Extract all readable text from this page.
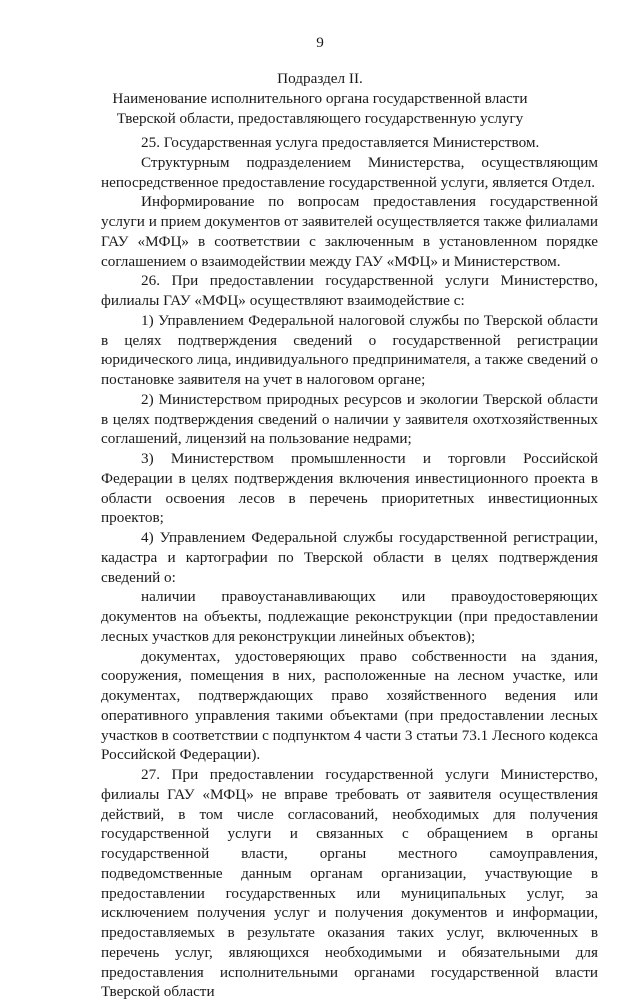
9
Подраздел II.
Наименование исполнительного органа государственной власти
Тверской области, предоставляющего государственную услугу

25. Государственная услуга предоставляется Министерством.

Структурным подразделением Министерства, осуществляющим непосредственное предоставление государственной услуги, является Отдел.

Информирование по вопросам предоставления государственной услуги и прием документов от заявителей осуществляется также филиалами ГАУ «МФЦ» в соответствии с заключенным в установленном порядке соглашением о взаимодействии между ГАУ «МФЦ» и Министерством.

26. При предоставлении государственной услуги Министерство, филиалы ГАУ «МФЦ» осуществляют взаимодействие с:

1) Управлением Федеральной налоговой службы по Тверской области в целях подтверждения сведений о государственной регистрации юридического лица, индивидуального предпринимателя, а также сведений о постановке заявителя на учет в налоговом органе;

2) Министерством природных ресурсов и экологии Тверской области в целях подтверждения сведений о наличии у заявителя охотхозяйственных соглашений, лицензий на пользование недрами;

3) Министерством промышленности и торговли Российской Федерации в целях подтверждения включения инвестиционного проекта в области освоения лесов в перечень приоритетных инвестиционных проектов;

4) Управлением Федеральной службы государственной регистрации, кадастра и картографии по Тверской области в целях подтверждения сведений о:

наличии правоустанавливающих или правоудостоверяющих документов на объекты, подлежащие реконструкции (при предоставлении лесных участков для реконструкции линейных объектов);

документах, удостоверяющих право собственности на здания, сооружения, помещения в них, расположенные на лесном участке, или документах, подтверждающих право хозяйственного ведения или оперативного управления такими объектами (при предоставлении лесных участков в соответствии с подпунктом 4 части 3 статьи 73.1 Лесного кодекса Российской Федерации).

27. При предоставлении государственной услуги Министерство, филиалы ГАУ «МФЦ» не вправе требовать от заявителя осуществления действий, в том числе согласований, необходимых для получения государственной услуги и связанных с обращением в органы государственной власти, органы местного самоуправления, подведомственные данным органам организации, участвующие в предоставлении государственных или муниципальных услуг, за исключением получения услуг и получения документов и информации, предоставляемых в результате оказания таких услуг, включенных в перечень услуг, являющихся необходимыми и обязательными для предоставления исполнительными органами государственной власти Тверской области
